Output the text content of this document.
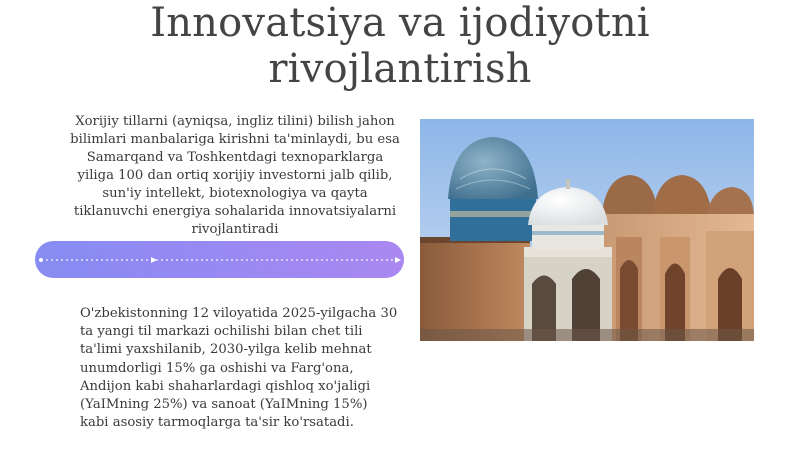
Innovatsiya va ijodiyotni
rivojlantirish
Xorijiy tillarni (ayniqsa, ingliz tilini) bilish jahon bilimlari manbalariga kirishni ta'minlaydi, bu esa Samarqand va Toshkentdagi texnoparklarga yiliga 100 dan ortiq xorijiy investorni jalb qilib, sun'iy intellekt, biotexnologiya va qayta tiklanuvchi energiya sohalarida innovatsiyalarni rivojlantiradi
O'zbekistonning 12 viloyatida 2025-yilgacha 30 ta yangi til markazi ochilishi bilan chet tili ta'limi yaxshilanib, 2030-yilga kelib mehnat unumdorligi 15% ga oshishi va Farg'ona, Andijon kabi shaharlardagi qishloq xo'jaligi (YaIMning 25%) va sanoat (YaIMning 15%) kabi asosiy tarmoqlarga ta'sir ko'rsatadi.
